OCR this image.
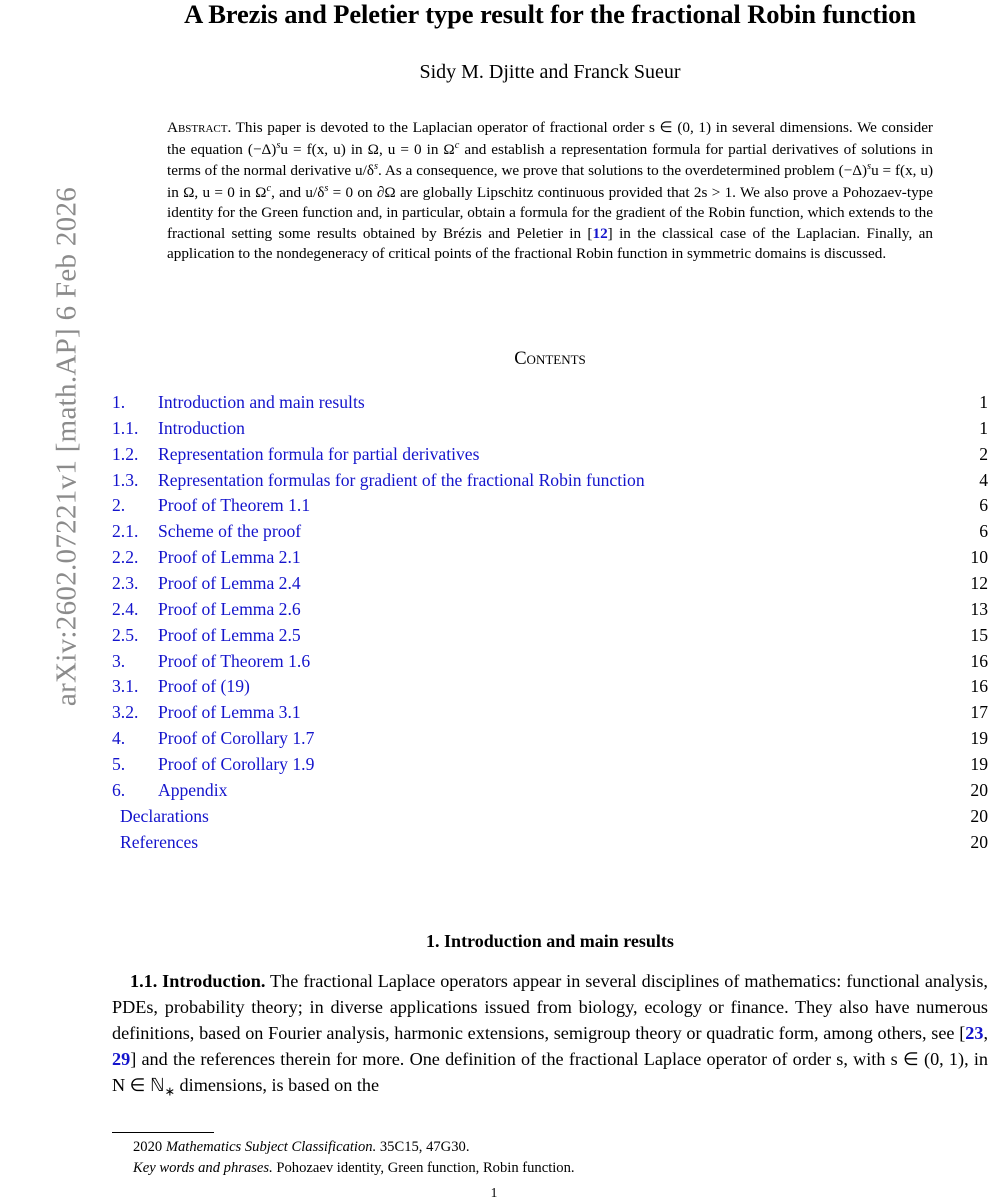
arXiv:2602.07221v1 [math.AP] 6 Feb 2026
A Brezis and Peletier type result for the fractional Robin function
Sidy M. Djitte and Franck Sueur
Abstract. This paper is devoted to the Laplacian operator of fractional order s ∈ (0, 1) in several dimensions. We consider the equation $(-\Delta)^su = f(x$, u) in Ω, u = 0 in $\Omega^c$ and establish a representation formula for partial derivatives of solutions in terms of the normal derivative $u/\delta^s$. As a consequence, we prove that solutions to the overdetermined problem $(-\Delta)^su = f(x$, u) in Ω, u = 0 in $\Omega^c$, and $u/\delta^s = 0$ on ∂Ω are globally Lipschitz continuous provided that 2s > 1. We also prove a Pohozaev-type identity for the Green function and, in particular, obtain a formula for the gradient of the Robin function, which extends to the fractional setting some results obtained by Brézis and Peletier in [12] in the classical case of the Laplacian. Finally, an application to the nondegeneracy of critical points of the fractional Robin function in symmetric domains is discussed.
Contents
1.	Introduction and main results	1
1.1.	Introduction	1
1.2.	Representation formula for partial derivatives	2
1.3.	Representation formulas for gradient of the fractional Robin function	4
2.	Proof of Theorem 1.1	6
2.1.	Scheme of the proof	6
2.2.	Proof of Lemma 2.1	10
2.3.	Proof of Lemma 2.4	12
2.4.	Proof of Lemma 2.6	13
2.5.	Proof of Lemma 2.5	15
3.	Proof of Theorem 1.6	16
3.1.	Proof of (19)	16
3.2.	Proof of Lemma 3.1	17
4.	Proof of Corollary 1.7	19
5.	Proof of Corollary 1.9	19
6.	Appendix	20
Declarations	20
References	20
1. Introduction and main results
1.1. Introduction. The fractional Laplace operators appear in several disciplines of mathematics: functional analysis, PDEs, probability theory; in diverse applications issued from biology, ecology or finance. They also have numerous definitions, based on Fourier analysis, harmonic extensions, semigroup theory or quadratic form, among others, see [23, 29] and the references therein for more. One definition of the fractional Laplace operator of order s, with s ∈ (0, 1), in N ∈ ℕ$_∗$ dimensions, is based on the
2020 Mathematics Subject Classification. 35C15, 47G30.
Key words and phrases. Pohozaev identity, Green function, Robin function.
1
